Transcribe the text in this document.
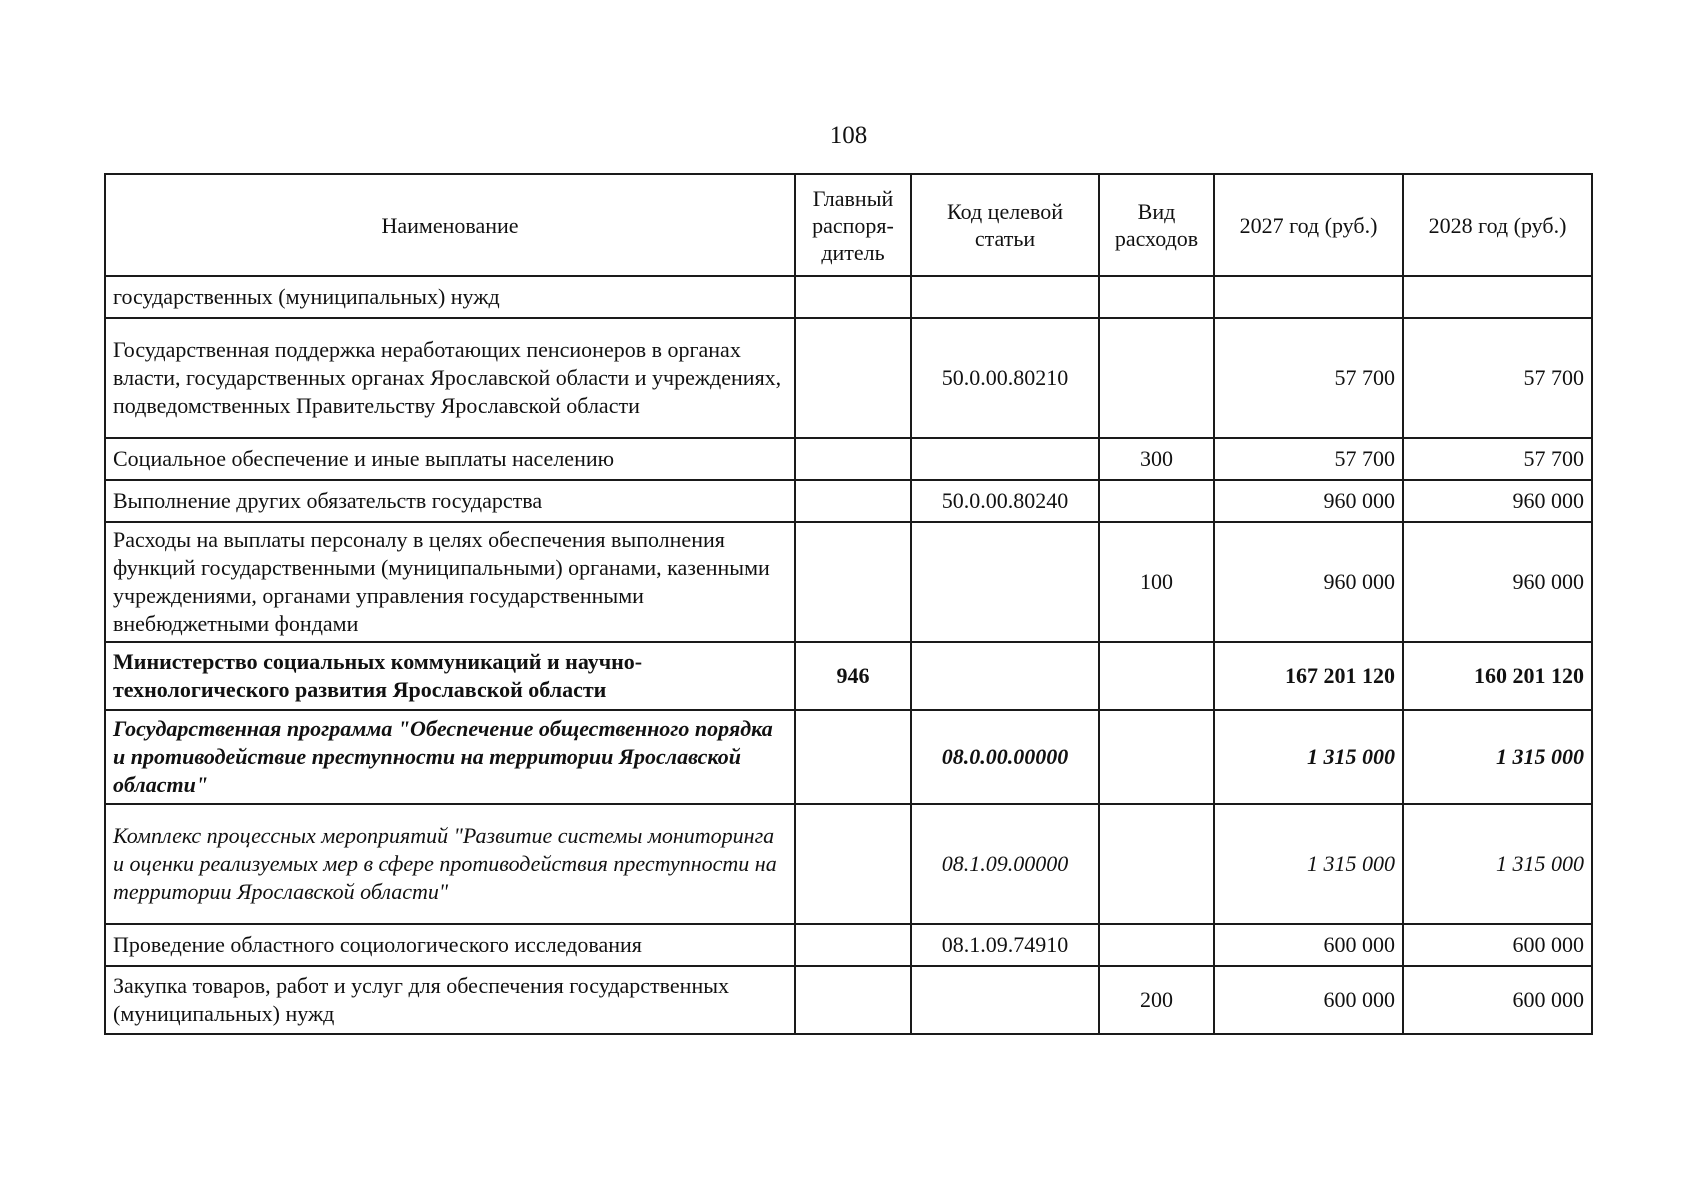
108
Наименование	Главный распоря-дитель	Код целевой статьи	Вид расходов	2027 год (руб.)	2028 год (руб.)
государственных (муниципальных) нужд					
Государственная поддержка неработающих пенсионеров в органах власти, государственных органах Ярославской области и учреждениях, подведомственных Правительству Ярославской области		50.0.00.80210		57 700	57 700
Социальное обеспечение и иные выплаты населению			300	57 700	57 700
Выполнение других обязательств государства		50.0.00.80240		960 000	960 000
Расходы на выплаты персоналу в целях обеспечения выполнения функций государственными (муниципальными) органами, казенными учреждениями, органами управления государственными внебюджетными фондами			100	960 000	960 000
Министерство социальных коммуникаций и научно-технологического развития Ярославской области	946			167 201 120	160 201 120
Государственная программа "Обеспечение общественного порядка и противодействие преступности на территории Ярославской области"		08.0.00.00000		1 315 000	1 315 000
Комплекс процессных мероприятий "Развитие системы мониторинга и оценки реализуемых мер в сфере противодействия преступности на территории Ярославской области"		08.1.09.00000		1 315 000	1 315 000
Проведение областного социологического исследования		08.1.09.74910		600 000	600 000
Закупка товаров, работ и услуг для обеспечения государственных (муниципальных) нужд			200	600 000	600 000
